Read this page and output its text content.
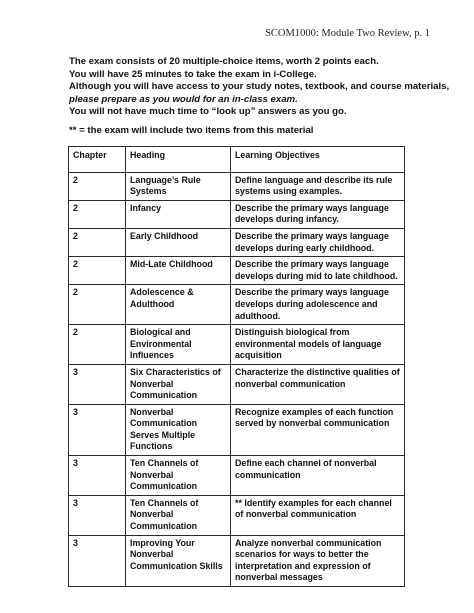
SCOM1000: Module Two Review, p. 1
The exam consists of 20 multiple-choice items, worth 2 points each.
You will have 25 minutes to take the exam in i-College.
Although you will have access to your study notes, textbook, and course materials,
please prepare as you would for an in-class exam.
You will not have much time to “look up” answers as you go.
** = the exam will include two items from this material
Chapter	Heading	Learning Objectives
2	Language’s Rule Systems	Define language and describe its rule systems using examples.
2	Infancy	Describe the primary ways language develops during infancy.
2	Early Childhood	Describe the primary ways language develops during early childhood.
2	Mid-Late Childhood	Describe the primary ways language develops during mid to late childhood.
2	Adolescence & Adulthood	Describe the primary ways language develops during adolescence and adulthood.
2	Biological and Environmental Influences	Distinguish biological from environmental models of language acquisition
3	Six Characteristics of Nonverbal Communication	Characterize the distinctive qualities of nonverbal communication
3	Nonverbal Communication Serves Multiple Functions	Recognize examples of each function served by nonverbal communication
3	Ten Channels of Nonverbal Communication	Define each channel of nonverbal communication
3	Ten Channels of Nonverbal Communication	** Identify examples for each channel of nonverbal communication
3	Improving Your Nonverbal Communication Skills	Analyze nonverbal communication scenarios for ways to better the interpretation and expression of nonverbal messages
